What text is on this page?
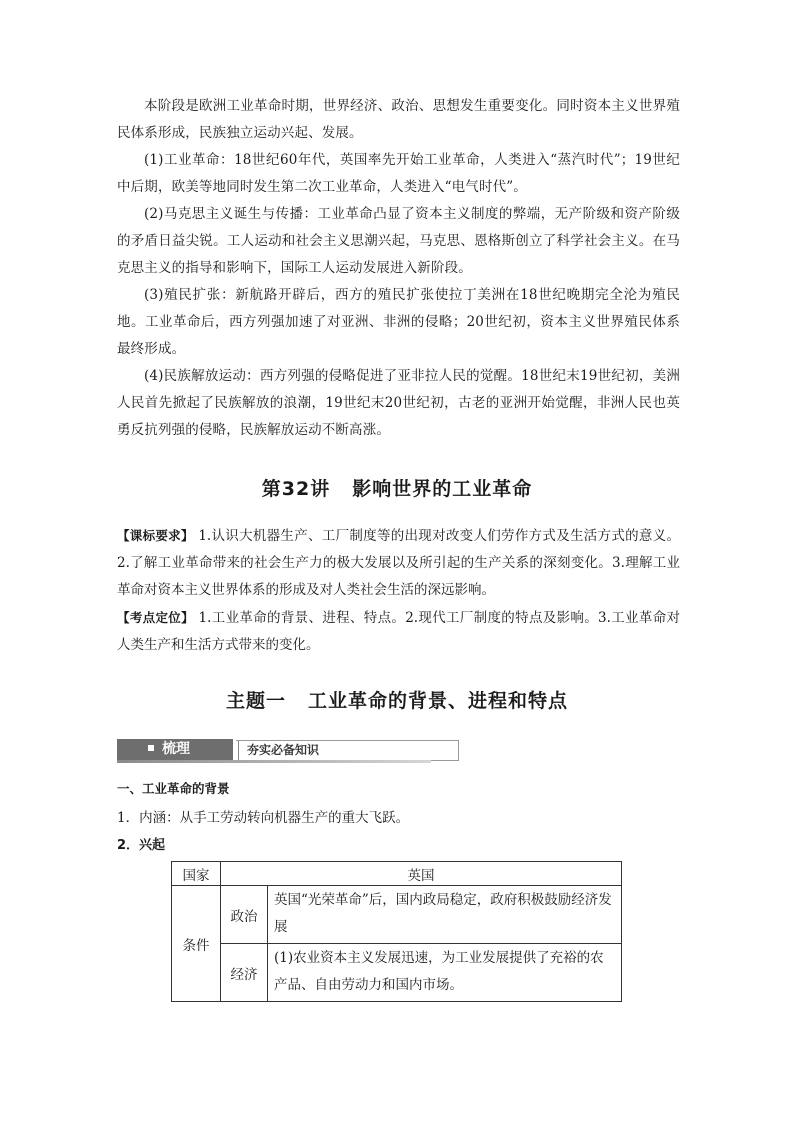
本阶段是欧洲工业革命时期，世界经济、政治、思想发生重要变化。同时资本主义世界殖民体系形成，民族独立运动兴起、发展。

(1)工业革命：18世纪60年代，英国率先开始工业革命，人类进入“蒸汽时代”；19世纪中后期，欧美等地同时发生第二次工业革命，人类进入“电气时代”。

(2)马克思主义诞生与传播：工业革命凸显了资本主义制度的弊端，无产阶级和资产阶级的矛盾日益尖锐。工人运动和社会主义思潮兴起，马克思、恩格斯创立了科学社会主义。在马克思主义的指导和影响下，国际工人运动发展进入新阶段。

(3)殖民扩张：新航路开辟后，西方的殖民扩张使拉丁美洲在18世纪晚期完全沦为殖民地。工业革命后，西方列强加速了对亚洲、非洲的侵略；20世纪初，资本主义世界殖民体系最终形成。

(4)民族解放运动：西方列强的侵略促进了亚非拉人民的觉醒。18世纪末19世纪初，美洲人民首先掀起了民族解放的浪潮，19世纪末20世纪初，古老的亚洲开始觉醒，非洲人民也英勇反抗列强的侵略，民族解放运动不断高涨。

第32讲 影响世界的工业革命

【课标要求】 1.认识大机器生产、工厂制度等的出现对改变人们劳作方式及生活方式的意义。2.了解工业革命带来的社会生产力的极大发展以及所引起的生产关系的深刻变化。3.理解工业革命对资本主义世界体系的形成及对人类社会生活的深远影响。

【考点定位】 1.工业革命的背景、进程、特点。2.现代工厂制度的特点及影响。3.工业革命对人类生产和生活方式带来的变化。

主题一 工业革命的背景、进程和特点
梳理	夯实必备知识
一、工业革命的背景
1．内涵：从手工劳动转向机器生产的重大飞跃。
2．兴起
国家	英国	
条件	政治	英国“光荣革命”后，国内政局稳定，政府积极鼓励经济发展
	经济	(1)农业资本主义发展迅速，为工业发展提供了充裕的农产品、自由劳动力和国内市场。
